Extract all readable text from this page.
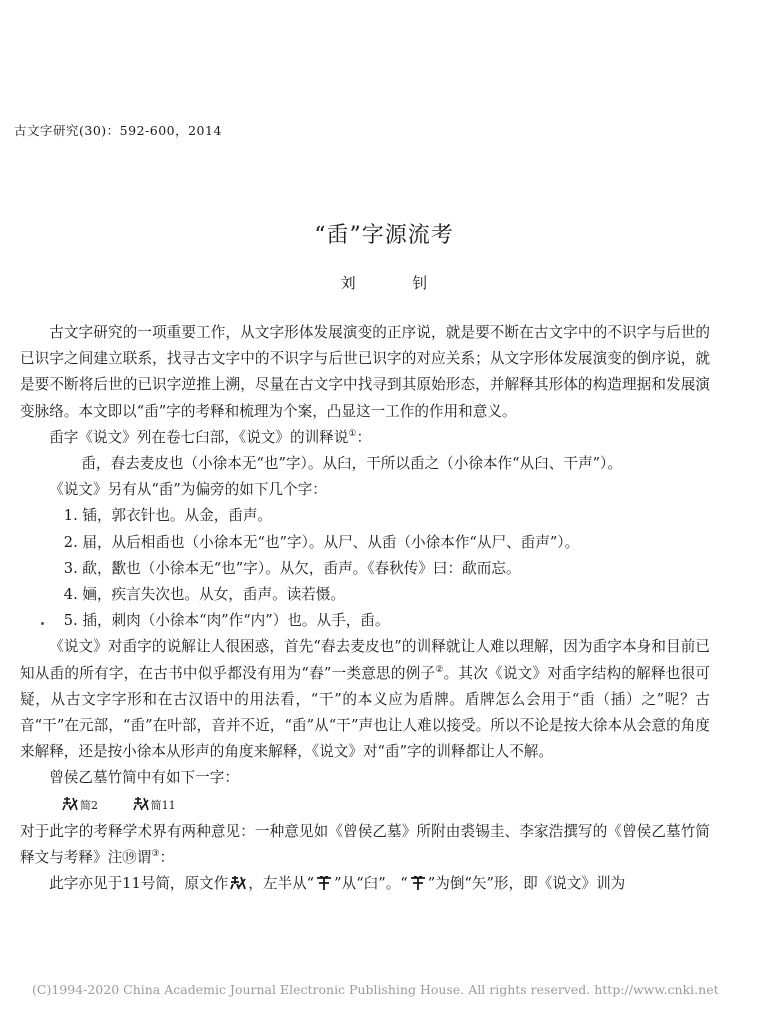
古文字研究(30)：592-600，2014
“臿”字源流考
刘 钊

古文字研究的一项重要工作，从文字形体发展演变的正序说，就是要不断在古文字中的不识字与后世的已识字之间建立联系，找寻古文字中的不识字与后世已识字的对应关系；从文字形体发展演变的倒序说，就是要不断将后世的已识字逆推上溯，尽量在古文字中找寻到其原始形态，并解释其形体的构造理据和发展演变脉络。本文即以“臿”字的考释和梳理为个案，凸显这一工作的作用和意义。

臿字《说文》列在卷七臼部，《说文》的训释说①：

臿，舂去麦皮也（小徐本无“也”字）。从臼，干所以臿之（小徐本作“从臼、干声”）。

《说文》另有从“臿”为偏旁的如下几个字：

1. 锸，郭衣针也。从金，臿声。

2. 届，从后相臿也（小徐本无“也”字）。从尸、从臿（小徐本作“从尸、臿声”）。

3. 歃，歠也（小徐本无“也”字）。从欠，臿声。《春秋传》曰：歃而忘。

4. 婳，疾言失次也。从女，臿声。读若慑。

5. 插，刺肉（小徐本“肉”作“内”）也。从手，臿。

《说文》对臿字的说解让人很困惑，首先“舂去麦皮也”的训释就让人难以理解，因为臿字本身和目前已知从臿的所有字，在古书中似乎都没有用为“舂”一类意思的例子②。其次《说文》对臿字结构的解释也很可疑，从古文字字形和在古汉语中的用法看，“干”的本义应为盾牌。盾牌怎么会用于“臿（插）之”呢？古音“干”在元部，“臿”在叶部，音并不近，“臿”从“干”声也让人难以接受。所以不论是按大徐本从会意的角度来解释，还是按小徐本从形声的角度来解释，《说文》对“臿”字的训释都让人不解。

曾侯乙墓竹简中有如下一字：

简2	简11

对于此字的考释学术界有两种意见：一种意见如《曾侯乙墓》所附由裘锡圭、李家浩撰写的《曾侯乙墓竹简释文与考释》注⑲谓③：

此字亦见于11号简，原文作 ，左半从“ ”从“臼”。“ ”为倒“矢”形，即《说文》训为

(C)1994-2020 China Academic Journal Electronic Publishing House. All rights reserved. http://www.cnki.net
